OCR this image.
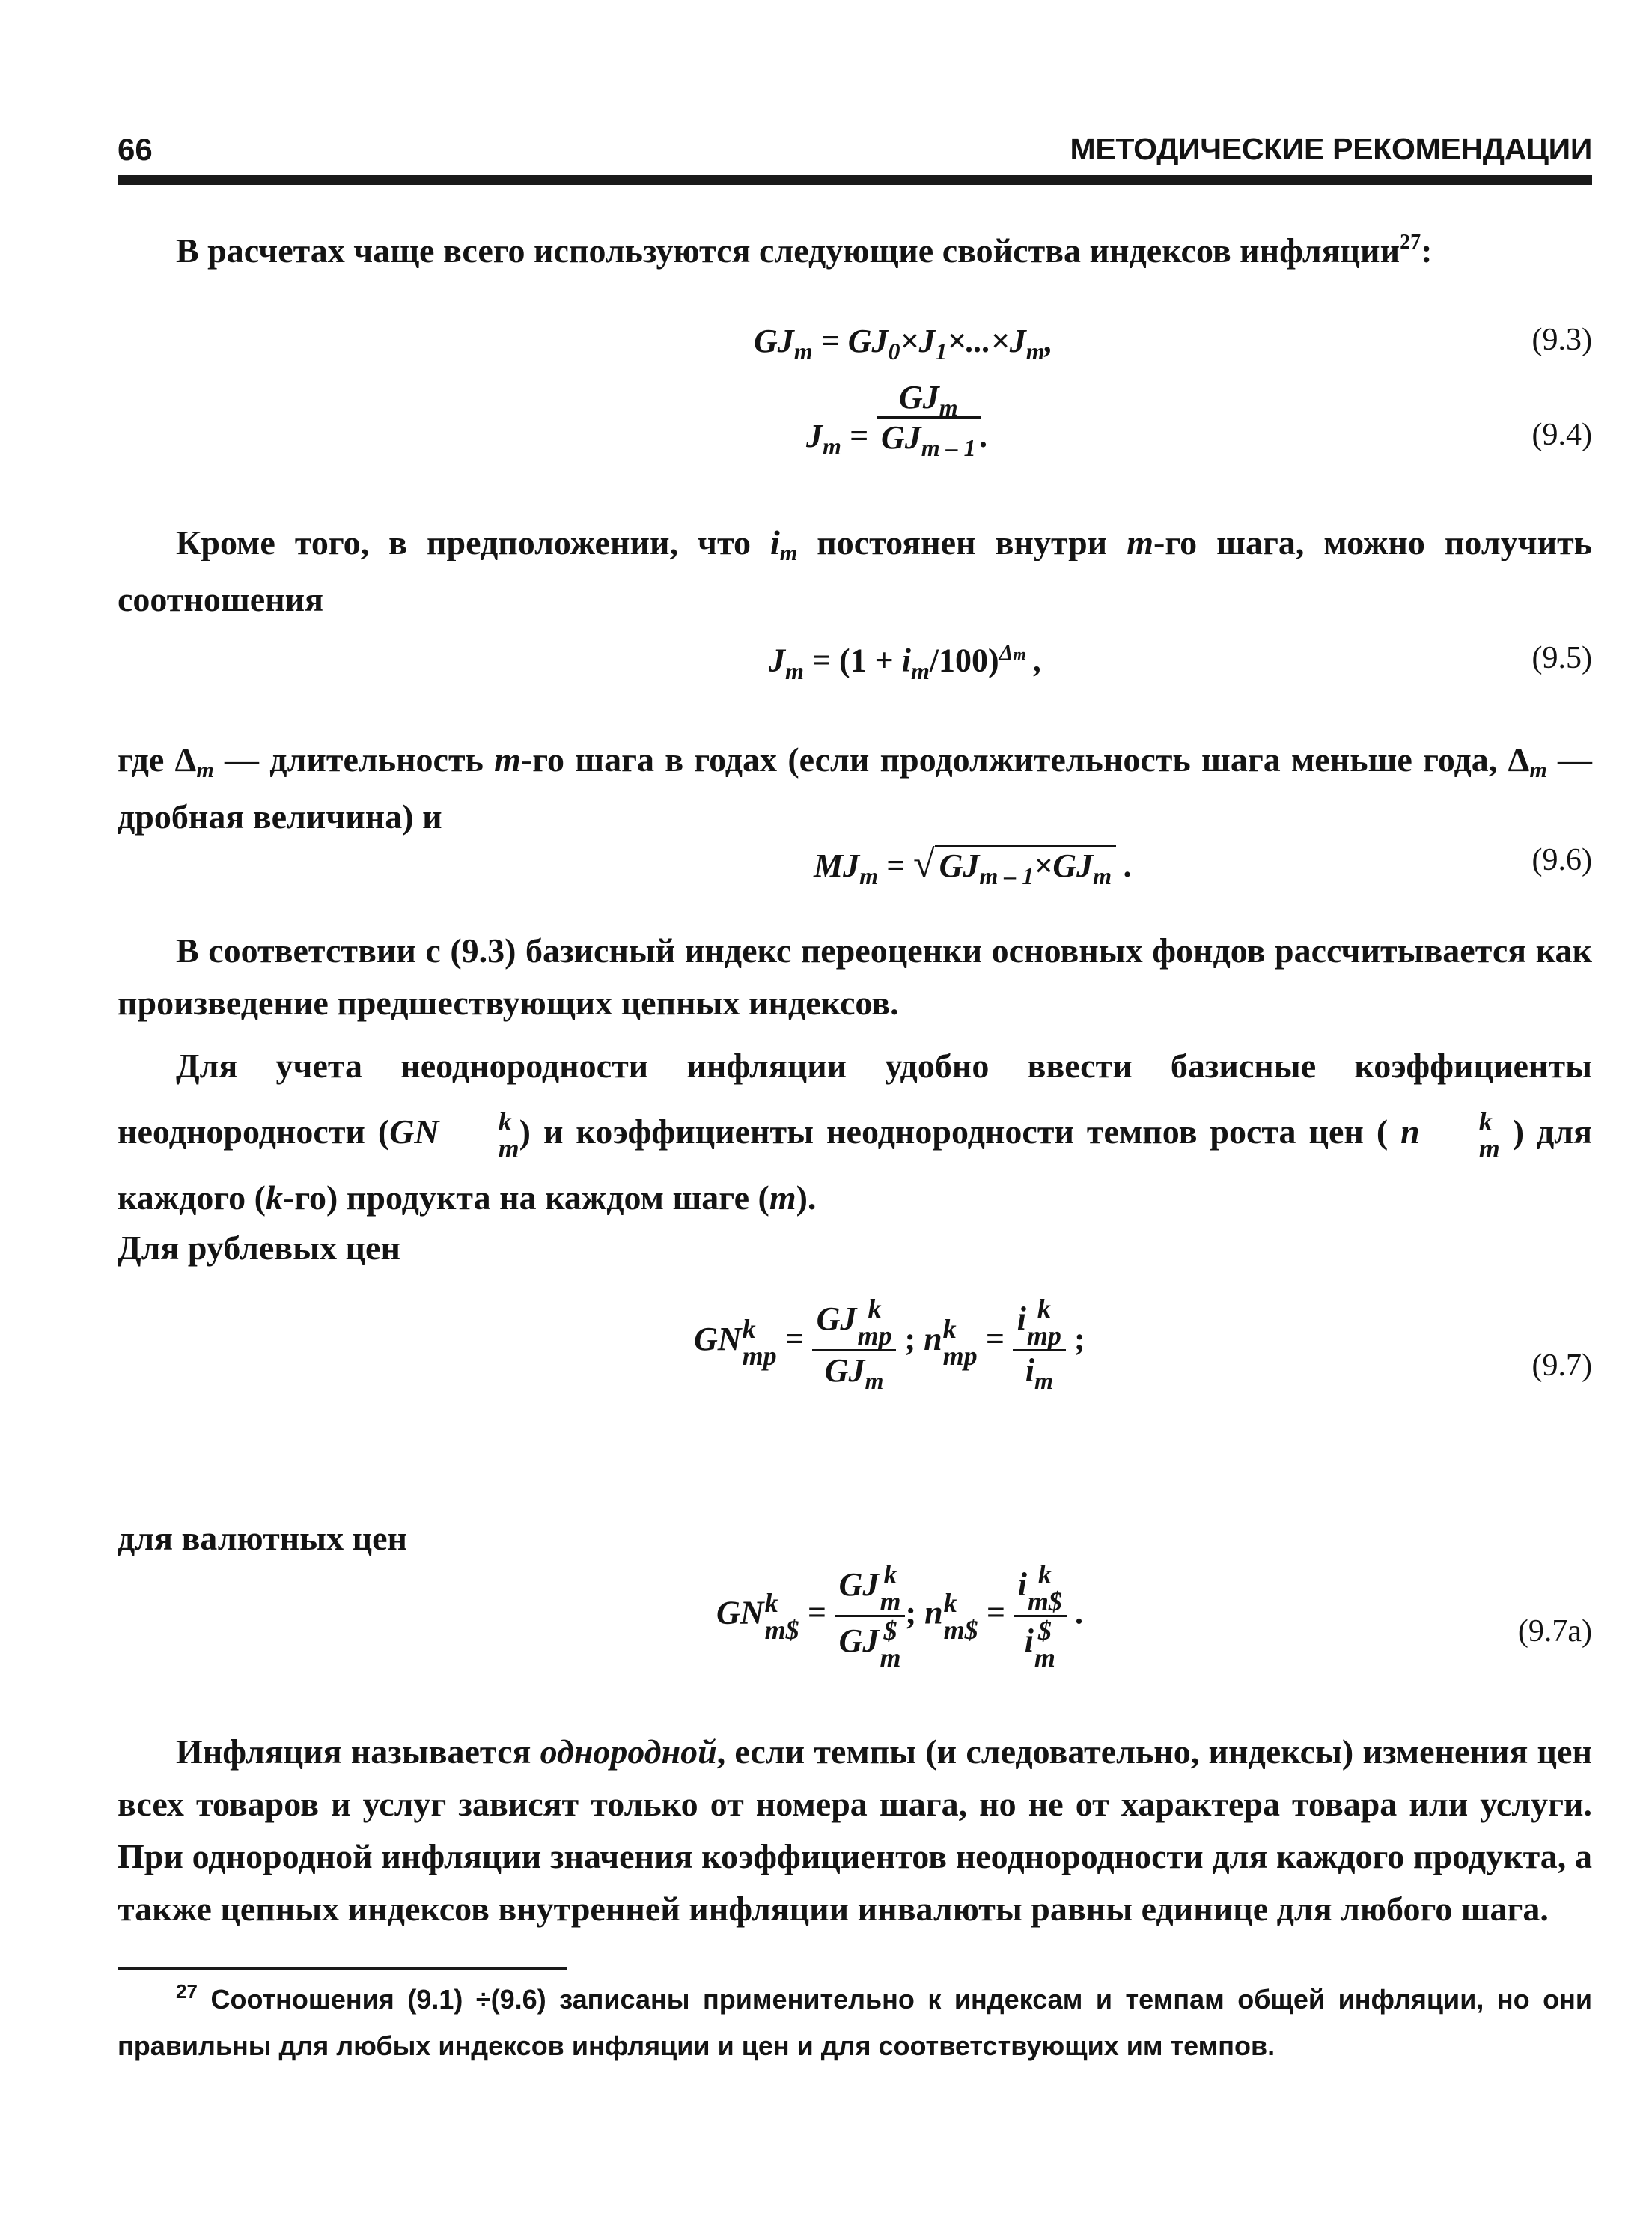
66	МЕТОДИЧЕСКИЕ РЕКОМЕНДАЦИИ

В расчетах чаще всего используются следующие свойства индексов инфляции$^{27}$:

$GJ_m = GJ_0\times J_1\times...\times J_m$,	(9.3)
$J_m = \frac{GJ_m}{GJ_{m - 1}}$ .	(9.4)

Кроме того, в предположении, что im постоянен внутри m-го шага, можно получить соотношения

$J_m = (1 + i_m/100)^{\Delta m}$ ,	(9.5)

где Δm — длительность m-го шага в годах (если продолжительность шага меньше года, Δm — дробная величина) и

$MJ_m$ = √ $GJ_{m - 1}\times GJ_m$ .	(9.6)

В соответствии с (9.3) базисный индекс переоценки основных фондов рассчитывается как произведение предшествующих цепных индексов.

Для учета неоднородности инфляции удобно ввести базисные коэффициенты неоднородности (GN	k
m ) и коэффициенты неоднородности темпов роста цен ( n	k
m ) для каждого (k-го) продукта на каждом шаге (m).

Для рублевых цен

GN k
mp = GJ k
mp
$GJ_m$ ; n k
mp = i k
mp
$i_m$ ;
(9.7)

для валютных цен

GN k
m$ = GJ k
m
GJ $
m ; n k
m$ = i k
m$
i $
m .
(9.7а)

Инфляция называется однородной, если темпы (и следовательно, индексы) изменения цен всех товаров и услуг зависят только от номера шага, но не от характера товара или услуги. При однородной инфляции значения коэффициентов неоднородности для каждого продукта, а также цепных индексов внутренней инфляции инвалюты равны единице для любого шага.

$^{27}$ Соотношения (9.1) ÷(9.6) записаны применительно к индексам и темпам общей инфляции, но они правильны для любых индексов инфляции и цен и для соответствующих им темпов.
